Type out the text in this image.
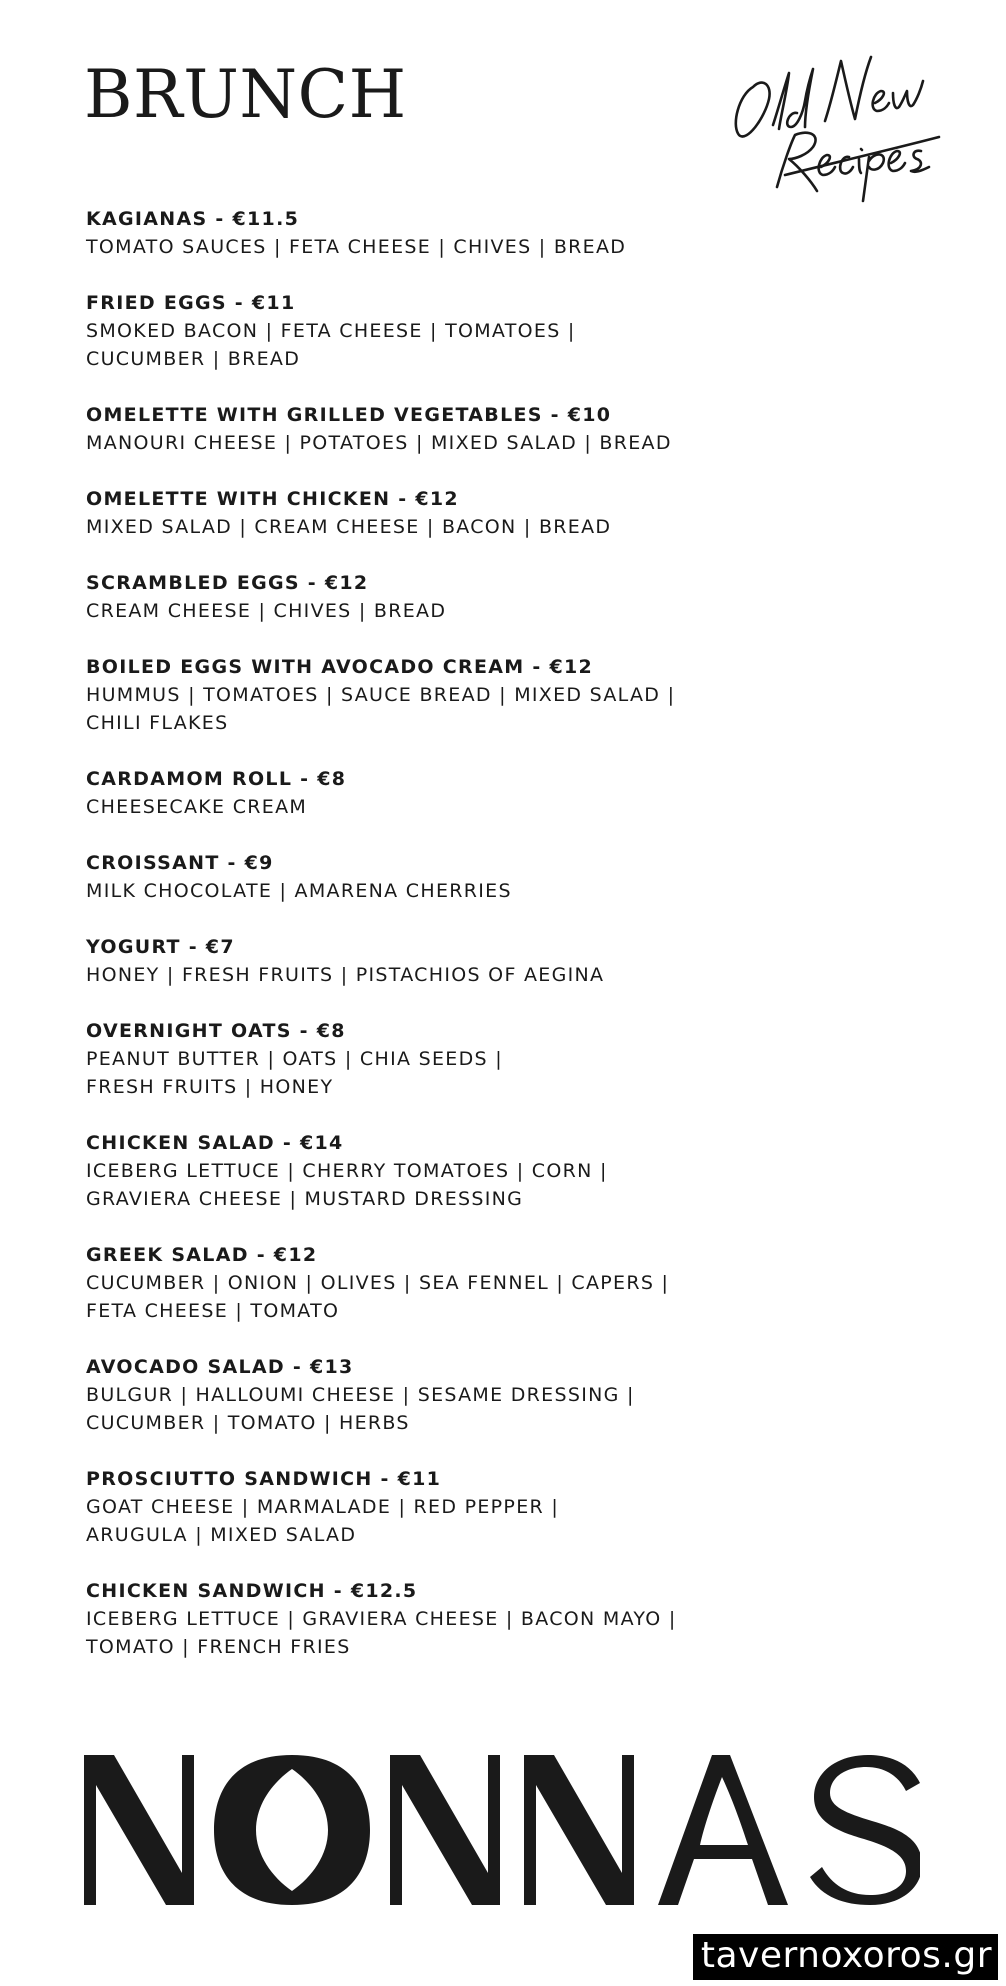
BRUNCH
KAGIANAS - €11.5
TOMATO SAUCES | FETA CHEESE | CHIVES | BREAD
FRIED EGGS - €11
SMOKED BACON | FETA CHEESE | TOMATOES |
CUCUMBER | BREAD
OMELETTE WITH GRILLED VEGETABLES - €10
MANOURI CHEESE | POTATOES | MIXED SALAD | BREAD
OMELETTE WITH CHICKEN - €12
MIXED SALAD | CREAM CHEESE | BACON | BREAD
SCRAMBLED EGGS - €12
CREAM CHEESE | CHIVES | BREAD
BOILED EGGS WITH AVOCADO CREAM - €12
HUMMUS | TOMATOES | SAUCE BREAD | MIXED SALAD |
CHILI FLAKES
CARDAMOM ROLL - €8
CHEESECAKE CREAM
CROISSANT - €9
MILK CHOCOLATE | AMARENA CHERRIES
YOGURT - €7
HONEY | FRESH FRUITS | PISTACHIOS OF AEGINA
OVERNIGHT OATS - €8
PEANUT BUTTER | OATS | CHIA SEEDS |
FRESH FRUITS | HONEY
CHICKEN SALAD - €14
ICEBERG LETTUCE | CHERRY TOMATOES | CORN |
GRAVIERA CHEESE | MUSTARD DRESSING
GREEK SALAD - €12
CUCUMBER | ONION | OLIVES | SEA FENNEL | CAPERS |
FETA CHEESE | TOMATO
AVOCADO SALAD - €13
BULGUR | HALLOUMI CHEESE | SESAME DRESSING |
CUCUMBER | TOMATO | HERBS
PROSCIUTTO SANDWICH - €11
GOAT CHEESE | MARMALADE | RED PEPPER |
ARUGULA | MIXED SALAD
CHICKEN SANDWICH - €12.5
ICEBERG LETTUCE | GRAVIERA CHEESE | BACON MAYO |
TOMATO | FRENCH FRIES
tavernoxoros.gr
